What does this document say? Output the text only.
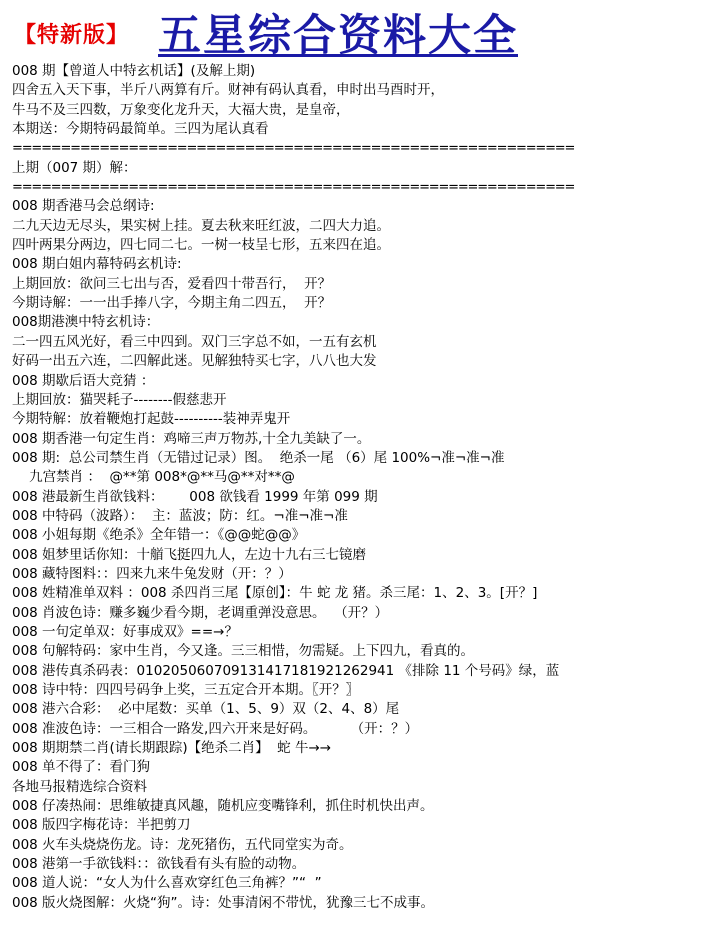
【特新版】 五星综合资料大全
008 期【曾道人中特玄机话】(及解上期)
四舍五入天下事，半斤八两算有斤。财神有码认真看，申时出马酉时开，
牛马不及三四数，万象变化龙升天，大福大贵，是皇帝，
本期送：今期特码最简单。三四为尾认真看
==========================================================
上期（007 期）解：
==========================================================
008 期香港马会总纲诗:
二九天边无尽头，果实树上挂。夏去秋来旺红波，二四大力追。
四叶两果分两边，四七同二七。一树一枝呈七形，五来四在追。
008 期白姐内幕特码玄机诗:
上期回放：欲问三七出与否，爱看四十带吾行，  开？
今期诗解：一一出手捧八字，今期主角二四五，  开？
008期港澳中特玄机诗：
二一四五风光好，看三中四到。双门三字总不如，一五有玄机
好码一出五六连，二四解此迷。见解独特买七字，八八也大发
008 期歇后语大竞猜 ：
上期回放：猫哭耗子--------假慈悲开
今期特解：放着鞭炮打起鼓----------装神弄鬼开
008 期香港一句定生肖：鸡啼三声万物苏,十全九美缺了一。
008 期:  总公司禁生肖（无错过记录）图。  绝杀一尾 （6）尾 100%¬准¬准¬准
九宫禁肖 ：  @**第 008*@**马@**对**@
008 港最新生肖欲钱料：      008 欲钱看 1999 年第 099 期
008 中特码（波路）：  主：蓝波；防：红。¬准¬准¬准
008 小姐每期《绝杀》全年错一：《@@蛇@@》
008 姐梦里话你知：十艏飞挺四九人，左边十九右三七镜磨
008 藏特图料：：四来九来牛兔发财（开：？）
008 姓精准单双料 ：008 杀四肖三尾【原创】：牛 蛇 龙 猪。杀三尾：1、2、3。[开？]
008 肖波色诗：赚多巍少看今期，老调重弹没意思。  （开？）
008 一句定单双：好事成双》==→？
008 句解特码：家中生肖，今又逢。三三相惜，勿需疑。上下四九，看真的。
008 港传真杀码表：010205060709131417181921262941 《排除 11 个号码》绿，蓝
008 诗中特：四四号码争上奖，三五定合开本期。〖开？〗
008 港六合彩：  必中尾数：买单（1、5、9）双（2、4、8）尾
008 准波色诗：一三相合一路发,四六开来是好码。        （开：？）
008 期期禁二肖(请长期跟踪)【绝杀二肖】  蛇 牛→→
008 单不得了：看门狗
各地马报精选综合资料
008 仔凑热闹：思维敏捷真风趣，随机应变嘴锋利，抓住时机快出声。
008 版四字梅花诗：半把剪刀
008 火车头烧烧伤龙。诗：龙死猪伤，五代同堂实为奇。
008 港第一手欲钱料：：欲钱看有头有脸的动物。
008 道人说：“女人为什么喜欢穿红色三角裤？”“  ”
008 版火烧图解：火烧“狗”。诗：处事清闲不带忧，犹豫三七不成事。
